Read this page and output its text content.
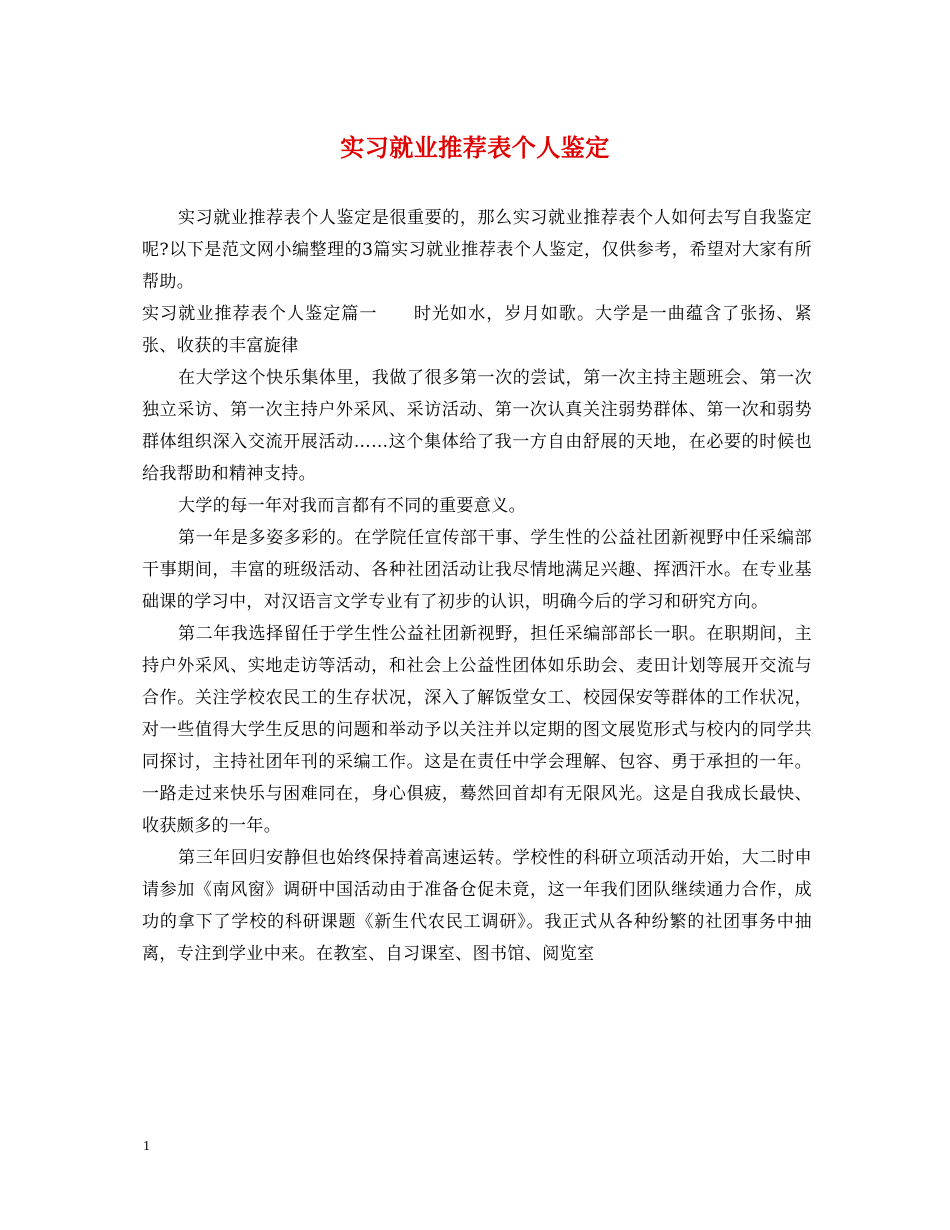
实习就业推荐表个人鉴定

实习就业推荐表个人鉴定是很重要的，那么实习就业推荐表个人如何去写自我鉴定呢?以下是范文网小编整理的3篇实习就业推荐表个人鉴定，仅供参考，希望对大家有所帮助。

实习就业推荐表个人鉴定篇一　　时光如水，岁月如歌。大学是一曲蕴含了张扬、紧张、收获的丰富旋律

在大学这个快乐集体里，我做了很多第一次的尝试，第一次主持主题班会、第一次独立采访、第一次主持户外采风、采访活动、第一次认真关注弱势群体、第一次和弱势群体组织深入交流开展活动……这个集体给了我一方自由舒展的天地，在必要的时候也给我帮助和精神支持。

大学的每一年对我而言都有不同的重要意义。

第一年是多姿多彩的。在学院任宣传部干事、学生性的公益社团新视野中任采编部干事期间，丰富的班级活动、各种社团活动让我尽情地满足兴趣、挥洒汗水。在专业基础课的学习中，对汉语言文学专业有了初步的认识，明确今后的学习和研究方向。

第二年我选择留任于学生性公益社团新视野，担任采编部部长一职。在职期间，主持户外采风、实地走访等活动，和社会上公益性团体如乐助会、麦田计划等展开交流与合作。关注学校农民工的生存状况，深入了解饭堂女工、校园保安等群体的工作状况，对一些值得大学生反思的问题和举动予以关注并以定期的图文展览形式与校内的同学共同探讨，主持社团年刊的采编工作。这是在责任中学会理解、包容、勇于承担的一年。一路走过来快乐与困难同在，身心俱疲，蓦然回首却有无限风光。这是自我成长最快、收获颇多的一年。

第三年回归安静但也始终保持着高速运转。学校性的科研立项活动开始，大二时申请参加《南风窗》调研中国活动由于准备仓促未竟，这一年我们团队继续通力合作，成功的拿下了学校的科研课题《新生代农民工调研》。我正式从各种纷繁的社团事务中抽离，专注到学业中来。在教室、自习课室、图书馆、阅览室

1
